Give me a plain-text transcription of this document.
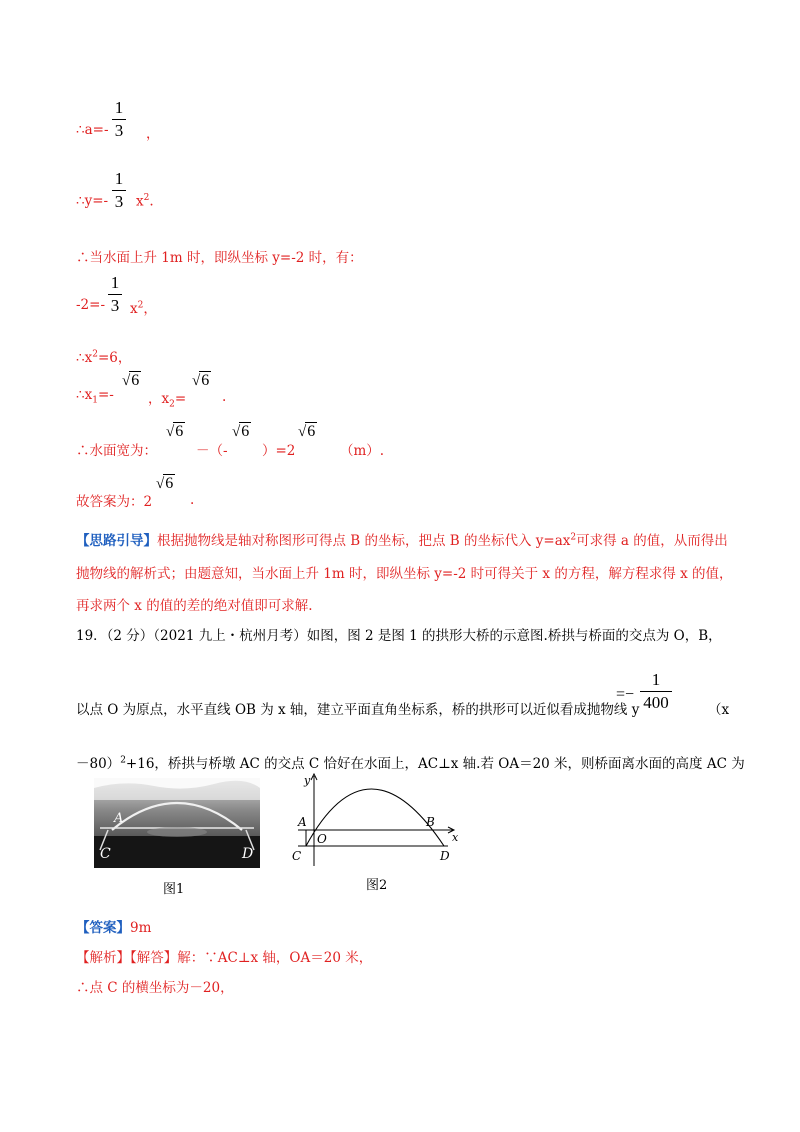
∴a=-
1
3 ，
∴y=-
1
3 $x^2$.
∴当水面上升 1m 时，即纵坐标 y=-2 时，有：
-2=-
1
3 $x^2$，
$\therefore x^2=6$，
$\therefore x_1=-$
√6
，$x_2=$
√6
.
∴水面宽为：
√6
－（-
√6
）=2
√6
（m）.
故答案为：2
√6
.
【思路引导】根据抛物线是轴对称图形可得点 B 的坐标，把点 B 的坐标代入 $y=ax^2$可求得 a 的值，从而得出
抛物线的解析式；由题意知，当水面上升 1m 时，即纵坐标 y=-2 时可得关于 x 的方程，解方程求得 x 的值，
再求两个 x 的值的差的绝对值即可求解.
19．（2 分）（2021 九上・杭州月考）如图，图 2 是图 1 的拱形大桥的示意图.桥拱与桥面的交点为 O，B，
以点 O 为原点，水平直线 OB 为 x 轴，建立平面直角坐标系，桥的拱形可以近似看成抛物线 y
=−
1
400	（x
－80）$^2$+16，桥拱与桥墩 AC 的交点 C 恰好在水面上，AC⊥x 轴.若 OA＝20 米，则桥面离水面的高度 AC 为
A
C	D
图1
y
x
A
O
B
C	D
图2
【答案】9m
【解析】【解答】解：∵AC⊥x 轴，OA＝20 米，
∴点 C 的横坐标为－20，
